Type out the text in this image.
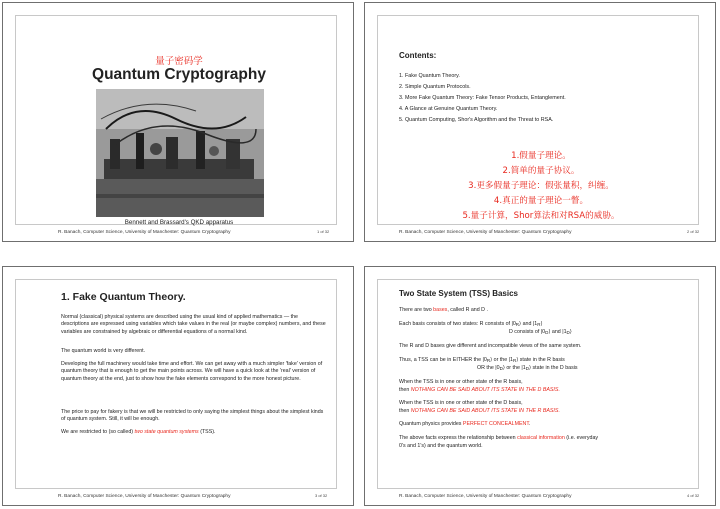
量子密码学
Quantum Cryptography
Bennett and Brassard's QKD apparatus
R. Banach, Computer Science, University of Manchester: Quantum Cryptography	1 of 32
Contents:
1. Fake Quantum Theory.
2. Simple Quantum Protocols.
3. More Fake Quantum Theory: Fake Tensor Products, Entanglement.
4. A Glance at Genuine Quantum Theory.
5. Quantum Computing, Shor's Algorithm and the Threat to RSA.
1.假量子理论。
2.简单的量子协议。
3.更多假量子理论：假张量积，纠缠。
4.真正的量子理论一瞥。
5.量子计算，Shor算法和对RSA的威胁。
R. Banach, Computer Science, University of Manchester: Quantum Cryptography	2 of 32
1. Fake Quantum Theory.
Normal (classical) physical systems are described using the usual kind of applied mathematics — the descriptions are expressed using variables which take values in the real (or maybe complex) numbers, and these variables are constrained by algebraic or differential equations of a normal kind.
The quantum world is very different.
Developing the full machinery would take time and effort. We can get away with a much simpler 'fake' version of quantum theory that is enough to get the main points across. We will have a quick look at the 'real' version of quantum theory at the end, just to show how the fake elements correspond to the more honest picture.
The price to pay for fakery is that we will be restricted to only saying the simplest things about the simplest kinds of quantum system. Still, it will be enough.
We are restricted to (so called) two state quantum systems (TSS).
R. Banach, Computer Science, University of Manchester: Quantum Cryptography	3 of 32
Two State System (TSS) Basics
There are two bases, called R and D .
Each basis consists of two states: R consists of $|0_R⟩$ and $|1_R⟩$
D consists of $|0_D⟩$ and $|1_D⟩$
The R and D bases give different and incompatible views of the same system.
Thus, a TSS can be in EITHER the $|0_R⟩$ or the $|1_R⟩$ state in the R basis
OR the $|0_D⟩$ or the $|1_D⟩$ state in the D basis
When the TSS is in one or other state of the R basis,
then NOTHING CAN BE SAID ABOUT ITS STATE IN THE D BASIS.
When the TSS is in one or other state of the D basis,
then NOTHING CAN BE SAID ABOUT ITS STATE IN THE R BASIS.
Quantum physics provides PERFECT CONCEALMENT.
The above facts express the relationship between classical information (i.e. everyday
0's and 1's) and the quantum world.
R. Banach, Computer Science, University of Manchester: Quantum Cryptography	4 of 32
